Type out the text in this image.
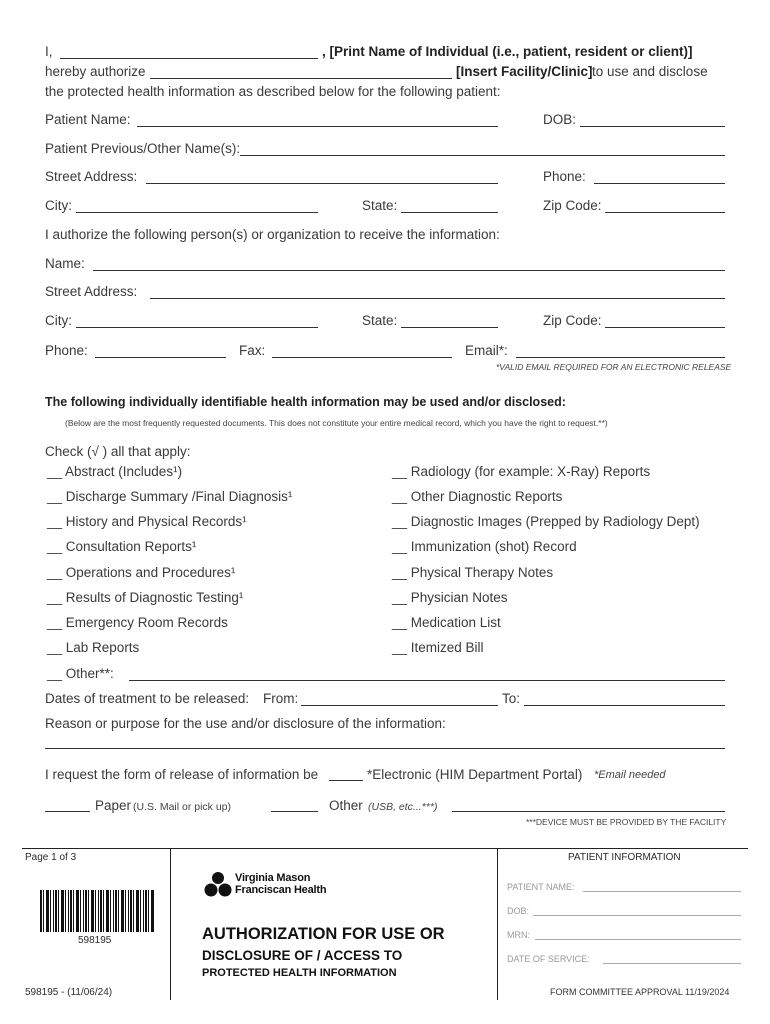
I,	, [Print Name of Individual (i.e., patient, resident or client)]
hereby authorize	[Insert Facility/Clinic] to use and disclose
the protected health information as described below for the following patient:
Patient Name:	DOB:
Patient Previous/Other Name(s):
Street Address:	Phone:
City:	State:	Zip Code:
I authorize the following person(s) or organization to receive the information:
Name:
Street Address:
City:	State:	Zip Code:
Phone:	Fax:	Email*:
*VALID EMAIL REQUIRED FOR AN ELECTRONIC RELEASE
The following individually identifiable health information may be used and/or disclosed:
(Below are the most frequently requested documents. This does not constitute your entire medical record, which you have the right to request.**)
Check (√ ) all that apply:
__ Abstract (Includes¹)
__ Discharge Summary /Final Diagnosis¹
__ History and Physical Records¹
__ Consultation Reports¹
__ Operations and Procedures¹
__ Results of Diagnostic Testing¹
__ Emergency Room Records
__ Lab Reports
__ Radiology (for example: X-Ray) Reports
__ Other Diagnostic Reports
__ Diagnostic Images (Prepped by Radiology Dept)
__ Immunization (shot) Record
__ Physical Therapy Notes
__ Physician Notes
__ Medication List
__ Itemized Bill
__ Other**:
Dates of treatment to be released: From:	To:
Reason or purpose for the use and/or disclosure of the information:
I request the form of release of information be	*Electronic (HIM Department Portal) *Email needed
Paper (U.S. Mail or pick up)	Other (USB, etc...***)
***DEVICE MUST BE PROVIDED BY THE FACILITY
Page 1 of 3
598195
598195 - (11/06/24)
Virginia Mason
Franciscan Health
AUTHORIZATION FOR USE OR
DISCLOSURE OF / ACCESS TO
PROTECTED HEALTH INFORMATION
PATIENT INFORMATION
PATIENT NAME:
DOB:
MRN:
DATE OF SERVICE:
FORM COMMITTEE APPROVAL 11/19/2024
